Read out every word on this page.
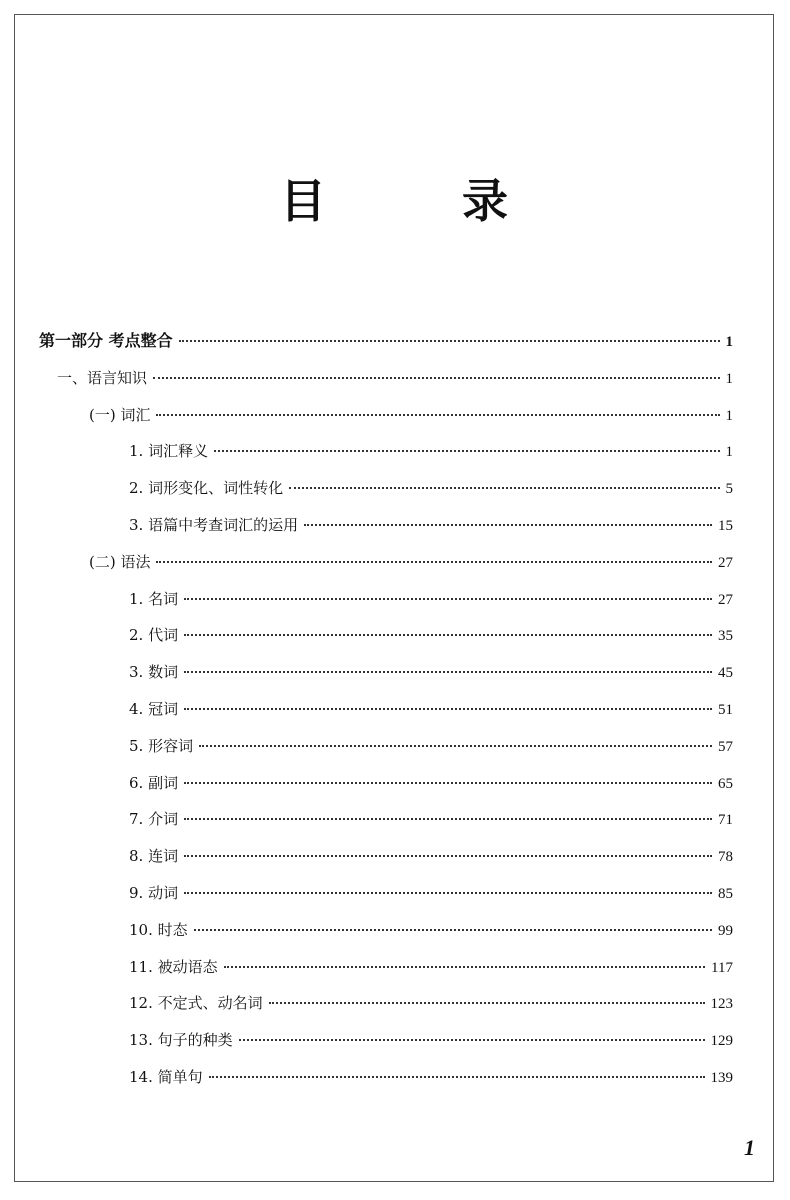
目 录
第一部分 考点整合	1
一、语言知识	1
(一) 词汇	1
1. 词汇释义	1
2. 词形变化、词性转化	5
3. 语篇中考查词汇的运用	15
(二) 语法	27
1. 名词	27
2. 代词	35
3. 数词	45
4. 冠词	51
5. 形容词	57
6. 副词	65
7. 介词	71
8. 连词	78
9. 动词	85
10. 时态	99
11. 被动语态	117
12. 不定式、动名词	123
13. 句子的种类	129
14. 简单句	139
1
